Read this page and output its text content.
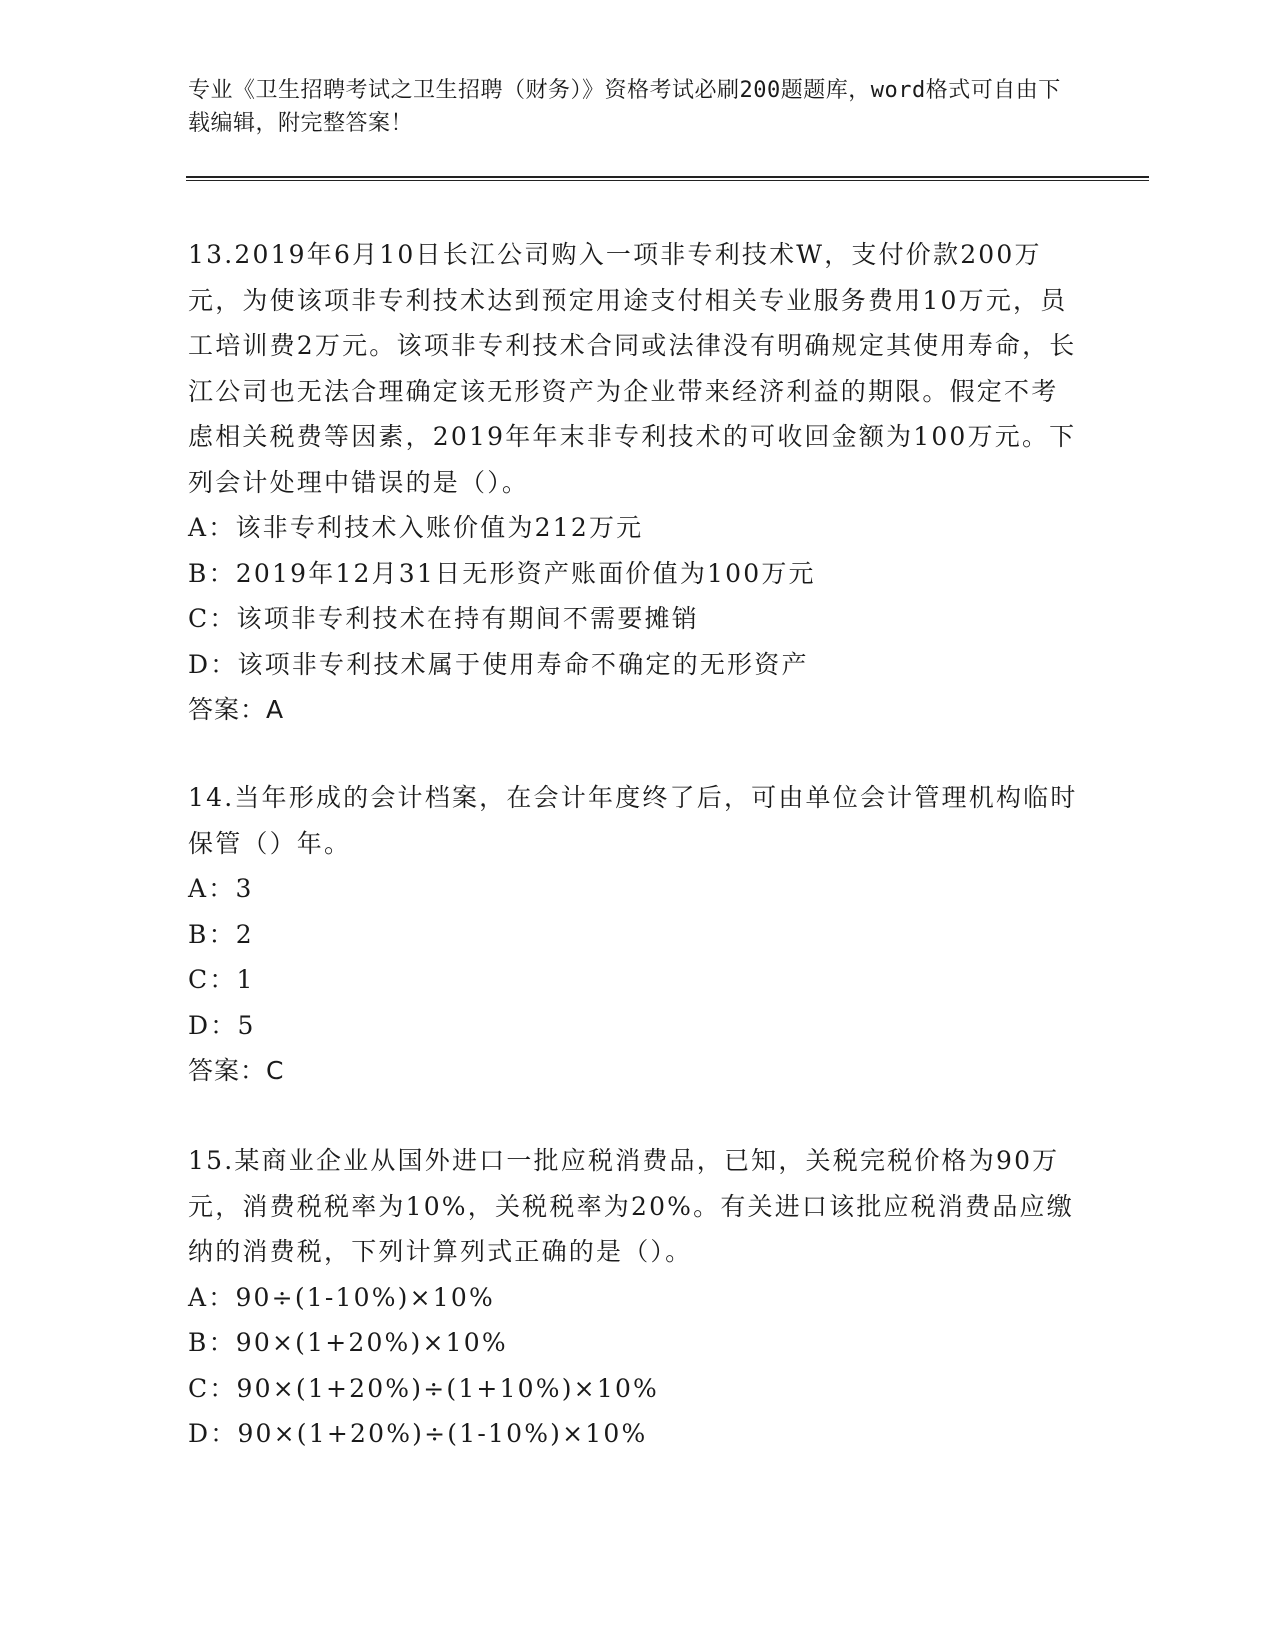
专业《卫生招聘考试之卫生招聘（财务）》资格考试必刷200题题库，word格式可自由下载编辑，附完整答案！

13.2019年6月10日长江公司购入一项非专利技术W，支付价款200万元，为使该项非专利技术达到预定用途支付相关专业服务费用10万元，员工培训费2万元。该项非专利技术合同或法律没有明确规定其使用寿命，长江公司也无法合理确定该无形资产为企业带来经济利益的期限。假定不考虑相关税费等因素，2019年年末非专利技术的可收回金额为100万元。下列会计处理中错误的是（）。

A：该非专利技术入账价值为212万元

B：2019年12月31日无形资产账面价值为100万元

C：该项非专利技术在持有期间不需要摊销

D：该项非专利技术属于使用寿命不确定的无形资产

答案：A

14.当年形成的会计档案，在会计年度终了后，可由单位会计管理机构临时保管（）年。

A：3

B：2

C：1

D：5

答案：C

15.某商业企业从国外进口一批应税消费品，已知，关税完税价格为90万元，消费税税率为10%，关税税率为20%。有关进口该批应税消费品应缴纳的消费税，下列计算列式正确的是（）。

A：90÷(1-10%)×10%

B：90×(1+20%)×10%

C：90×(1+20%)÷(1+10%)×10%

D：90×(1+20%)÷(1-10%)×10%
